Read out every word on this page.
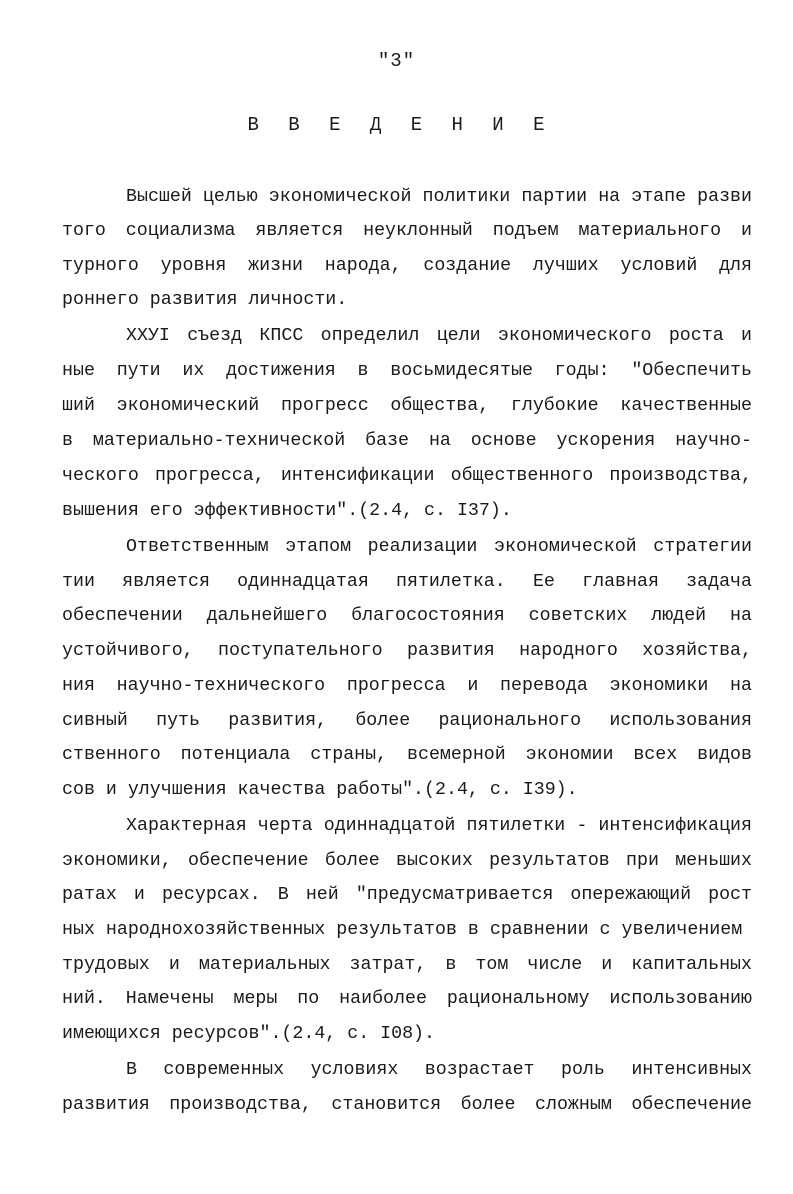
"3"
В В Е Д Е Н И Е
Высшей целью экономической политики партии на этапе разви
того социализма является неуклонный подъем материального и
турного уровня жизни народа, создание лучших условий для
роннего развития личности.
ХХУI съезд КПСС определил цели экономического роста и
ные пути их достижения в восьмидесятые годы: "Обеспечить
ший экономический прогресс общества, глубокие качественные
в материально-технической базе на основе ускорения научно-
ческого прогресса, интенсификации общественного производства,
вышения его эффективности".(2.4, с. I37).
Ответственным этапом реализации экономической стратегии
тии является одиннадцатая пятилетка. Ее главная задача
обеспечении дальнейшего благосостояния советских людей на
устойчивого, поступательного развития народного хозяйства,
ния научно-технического прогресса и перевода экономики на
сивный путь развития, более рационального использования
ственного потенциала страны, всемерной экономии всех видов
сов и улучшения качества работы".(2.4, с. I39).
Характерная черта одиннадцатой пятилетки - интенсификация
экономики, обеспечение более высоких результатов при меньших
ратах и ресурсах. В ней "предусматривается опережающий рост
ных народнохозяйственных результатов в сравнении с увеличением
трудовых и материальных затрат, в том числе и капитальных
ний. Намечены меры по наиболее рациональному использованию
имеющихся ресурсов".(2.4, с. I08).
В современных условиях возрастает роль интенсивных
развития производства, становится более сложным обеспечение
